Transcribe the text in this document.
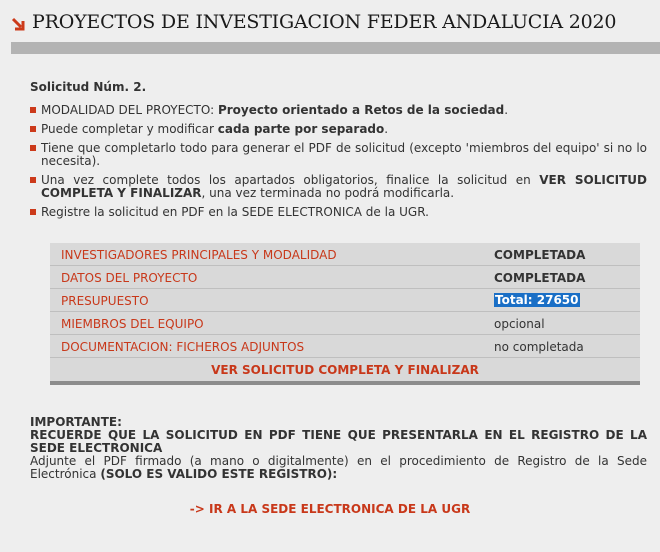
PROYECTOS DE INVESTIGACION FEDER ANDALUCIA 2020
Solicitud Núm. 2.
MODALIDAD DEL PROYECTO: Proyecto orientado a Retos de la sociedad.
Puede completar y modificar cada parte por separado.
Tiene que completarlo todo para generar el PDF de solicitud (excepto 'miembros del equipo' si no lo necesita).
Una vez complete todos los apartados obligatorios, finalice la solicitud en VER SOLICITUD COMPLETA Y FINALIZAR, una vez terminada no podrá modificarla.
Registre la solicitud en PDF en la SEDE ELECTRONICA de la UGR.
INVESTIGADORES PRINCIPALES Y MODALIDAD	COMPLETADA
DATOS DEL PROYECTO	COMPLETADA
PRESUPUESTO	Total: 27650
MIEMBROS DEL EQUIPO	opcional
DOCUMENTACION: FICHEROS ADJUNTOS	no completada
VER SOLICITUD COMPLETA Y FINALIZAR
IMPORTANTE:
RECUERDE QUE LA SOLICITUD EN PDF TIENE QUE PRESENTARLA EN EL REGISTRO DE LA SEDE ELECTRONICA
Adjunte el PDF firmado (a mano o digitalmente) en el procedimiento de Registro de la Sede Electrónica (SOLO ES VALIDO ESTE REGISTRO):
-> IR A LA SEDE ELECTRONICA DE LA UGR
